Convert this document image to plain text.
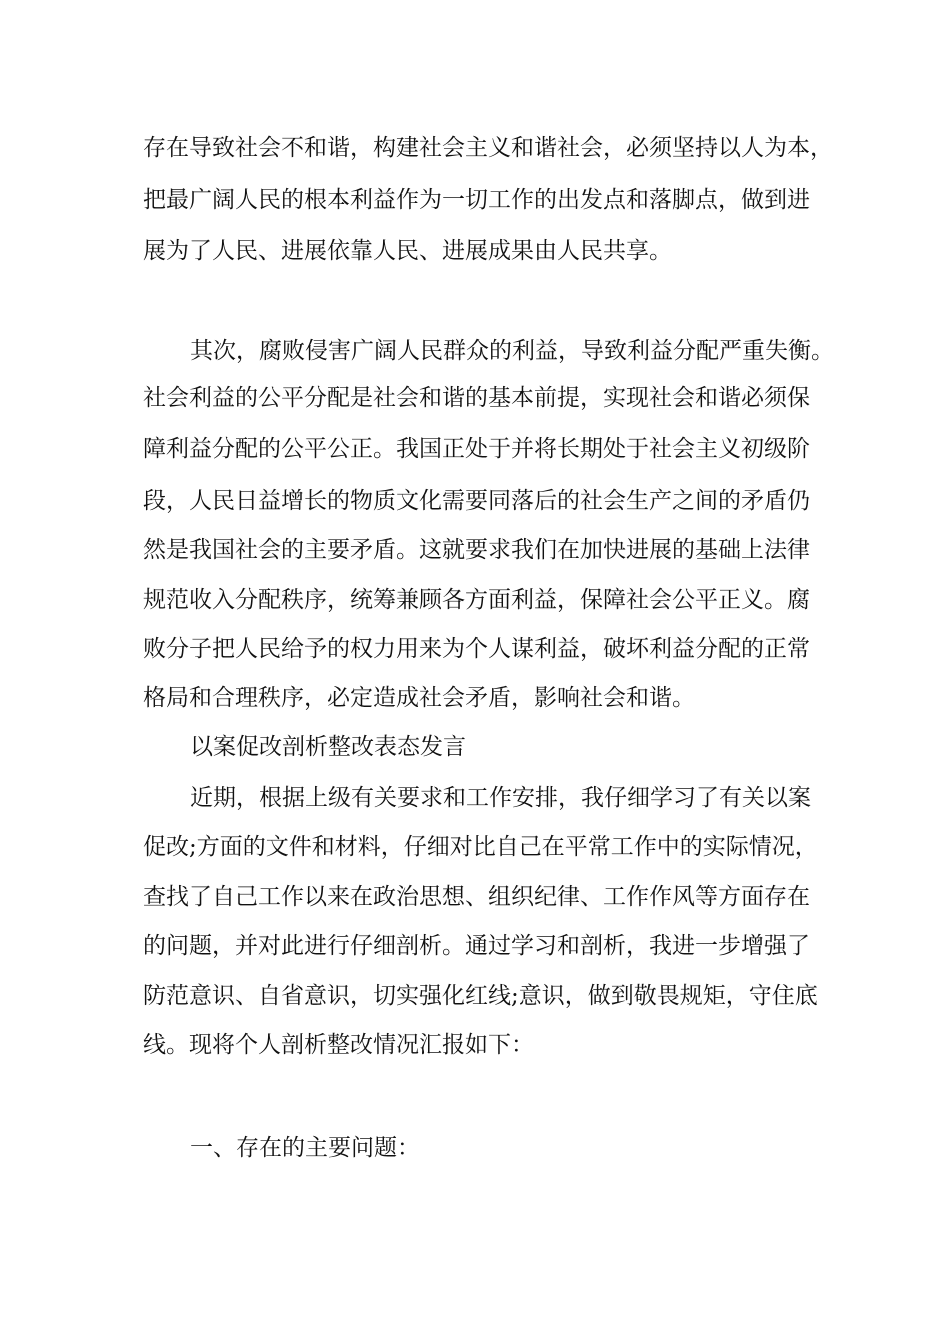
存在导致社会不和谐，构建社会主义和谐社会，必须坚持以人为本，

把最广阔人民的根本利益作为一切工作的出发点和落脚点，做到进

展为了人民、进展依靠人民、进展成果由人民共享。

其次，腐败侵害广阔人民群众的利益，导致利益分配严重失衡。

社会利益的公平分配是社会和谐的基本前提，实现社会和谐必须保

障利益分配的公平公正。我国正处于并将长期处于社会主义初级阶

段，人民日益增长的物质文化需要同落后的社会生产之间的矛盾仍

然是我国社会的主要矛盾。这就要求我们在加快进展的基础上法律

规范收入分配秩序，统筹兼顾各方面利益，保障社会公平正义。腐

败分子把人民给予的权力用来为个人谋利益，破坏利益分配的正常

格局和合理秩序，必定造成社会矛盾，影响社会和谐。

以案促改剖析整改表态发言

近期，根据上级有关要求和工作安排，我仔细学习了有关以案

促改;方面的文件和材料，仔细对比自己在平常工作中的实际情况，

查找了自己工作以来在政治思想、组织纪律、工作作风等方面存在

的问题，并对此进行仔细剖析。通过学习和剖析，我进一步增强了

防范意识、自省意识，切实强化红线;意识，做到敬畏规矩，守住底

线。现将个人剖析整改情况汇报如下：

一、存在的主要问题：
